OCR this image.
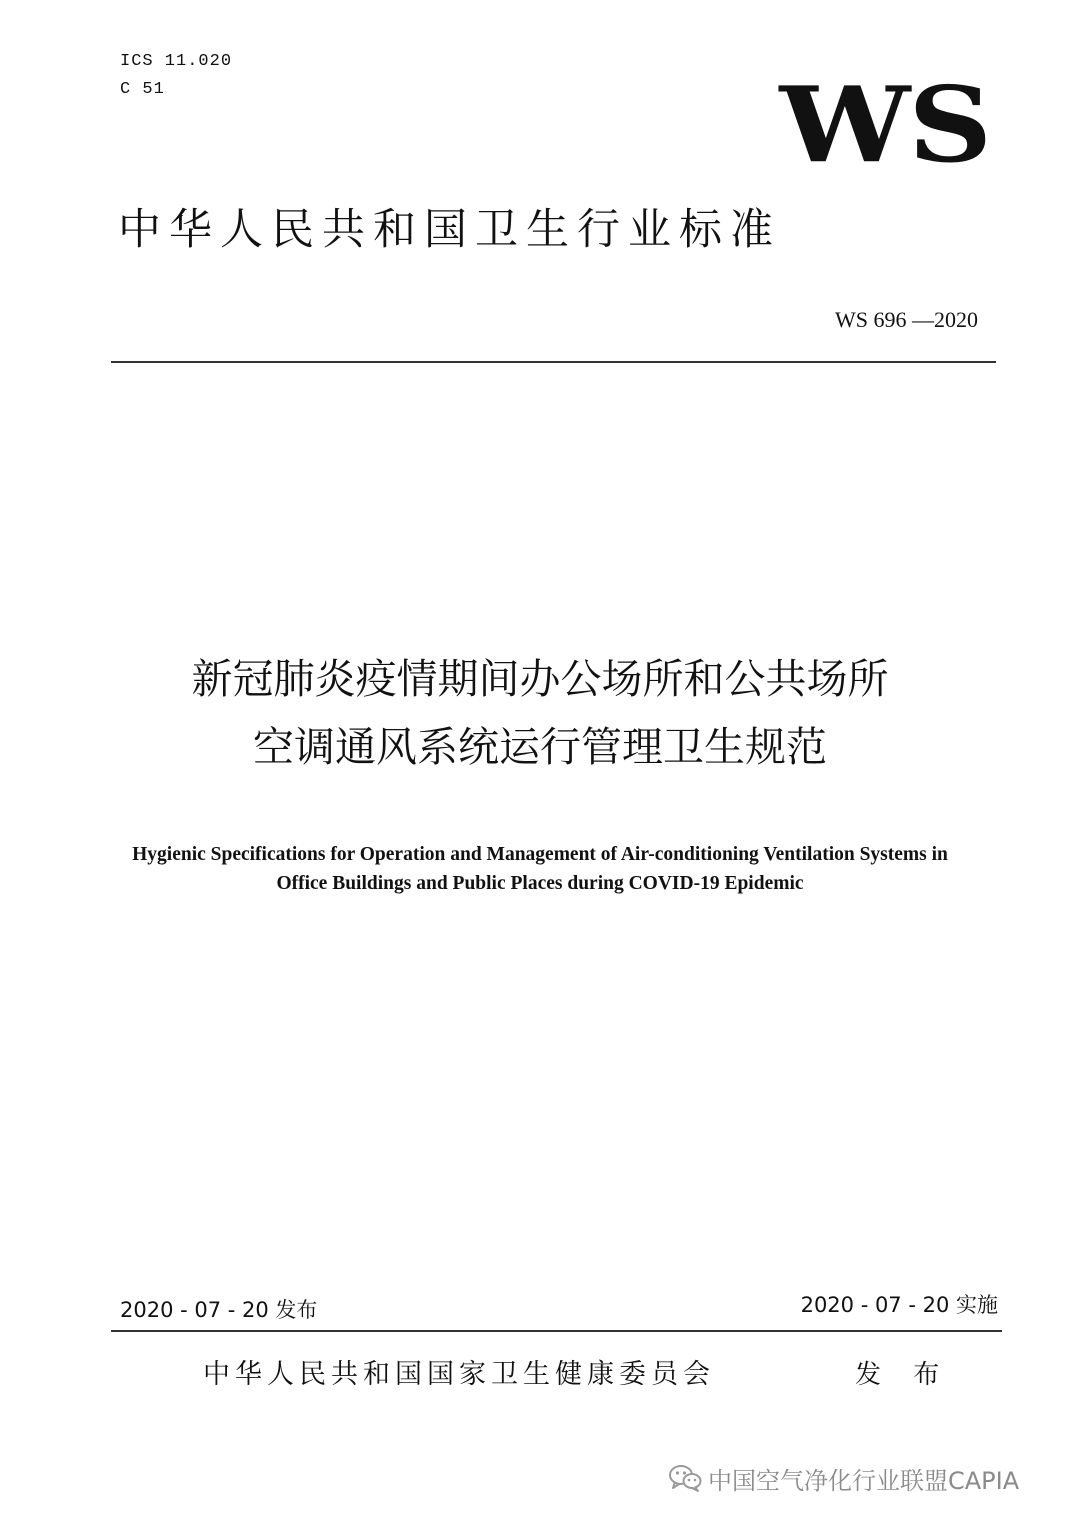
ICS 11.020
C 51	WS
中华人民共和国卫生行业标准
WS 696 —2020
新冠肺炎疫情期间办公场所和公共场所
空调通风系统运行管理卫生规范
Hygienic Specifications for Operation and Management of Air-conditioning Ventilation Systems in
Office Buildings and Public Places during COVID-19 Epidemic
2020 - 07 - 20 发布	2020 - 07 - 20 实施
中华人民共和国国家卫生健康委员会	发 布
中国空气净化行业联盟CAPIA
